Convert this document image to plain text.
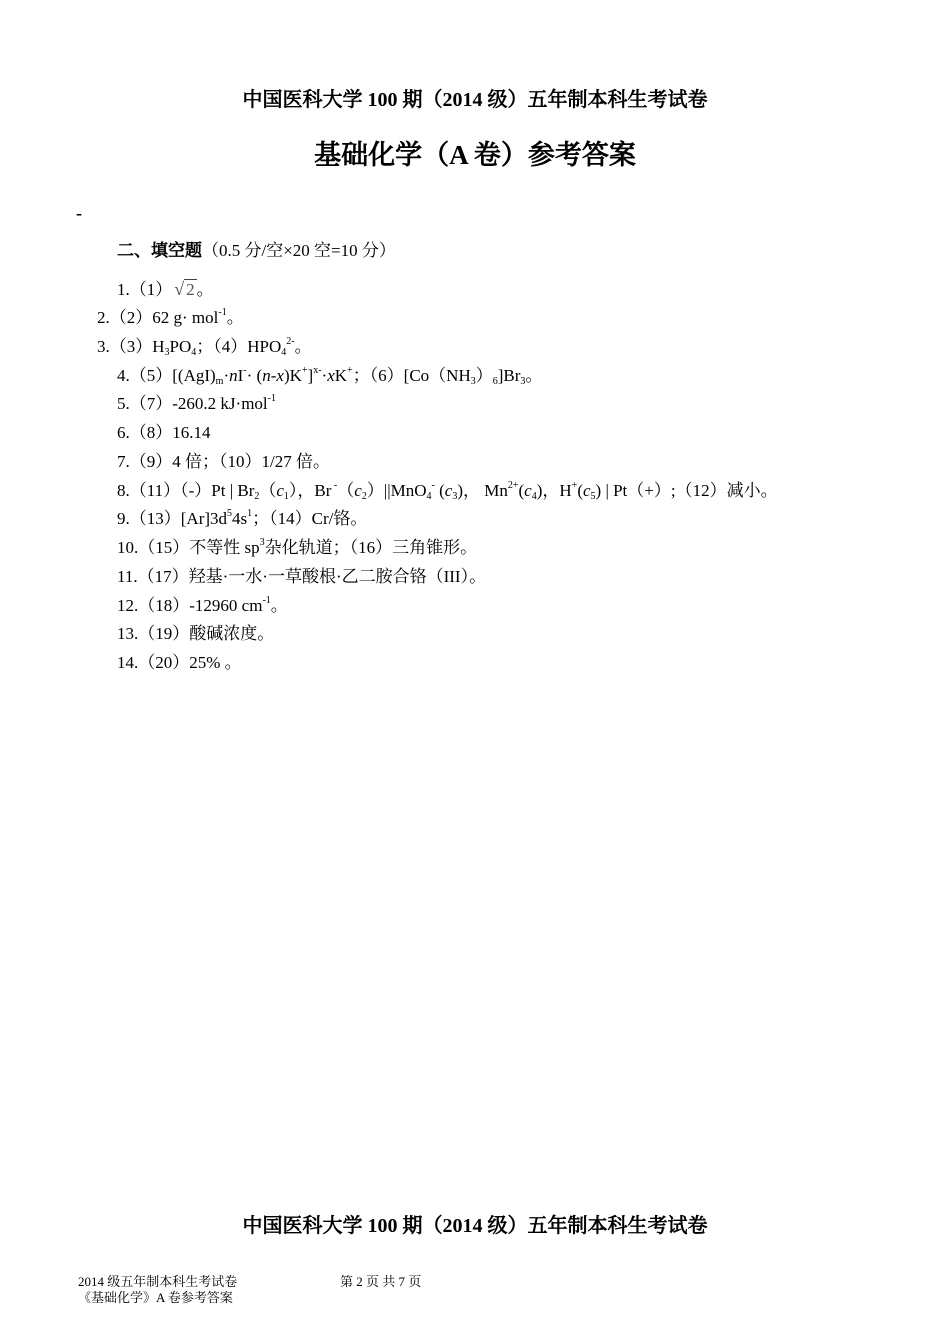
中国医科大学 100 期（2014 级）五年制本科生考试卷
基础化学（A 卷）参考答案
-
二、填空题（0.5 分/空×20 空=10 分）
1.（1） √ 2 。
2.（2）62 g· mol$^{-1}$。
$3.(3)H_3PO_4$；$(4)HPO_4^{2-}$。
$4.(5)[(AgI)_m\cdot nI^-\cdot (n-x)K^+]^{x-}\cdot xK^+$；$(6)[Co(NH_3)_6]Br_3$。
5.（7）-260.2 kJ·mol$^{-1}$
6.（8）16.14
7.（9）4 倍；（10）1/27 倍。
8.（11）（-）Pt | $Br_2(c_1)$，Br $^-(c_2)||MnO_4^-$ $(c_3)$， $Mn^{2+}(c_4)$，$H^+(c_5)$ | Pt（+）;（12）减小。
$9.(13)[Ar]3d^54s^1$；（14）Cr/铬。
10.（15）不等性 $sp^3$杂化轨道；（16）三角锥形。
11.（17）羟基·一水·一草酸根·乙二胺合铬（III）。
12.（18）-12960 $cm^{-1}$。
13.（19）酸碱浓度。
14.（20）25% 。
中国医科大学 100 期（2014 级）五年制本科生考试卷
2014 级五年制本科生考试卷
《基础化学》A 卷参考答案
第 2 页 共 7 页
